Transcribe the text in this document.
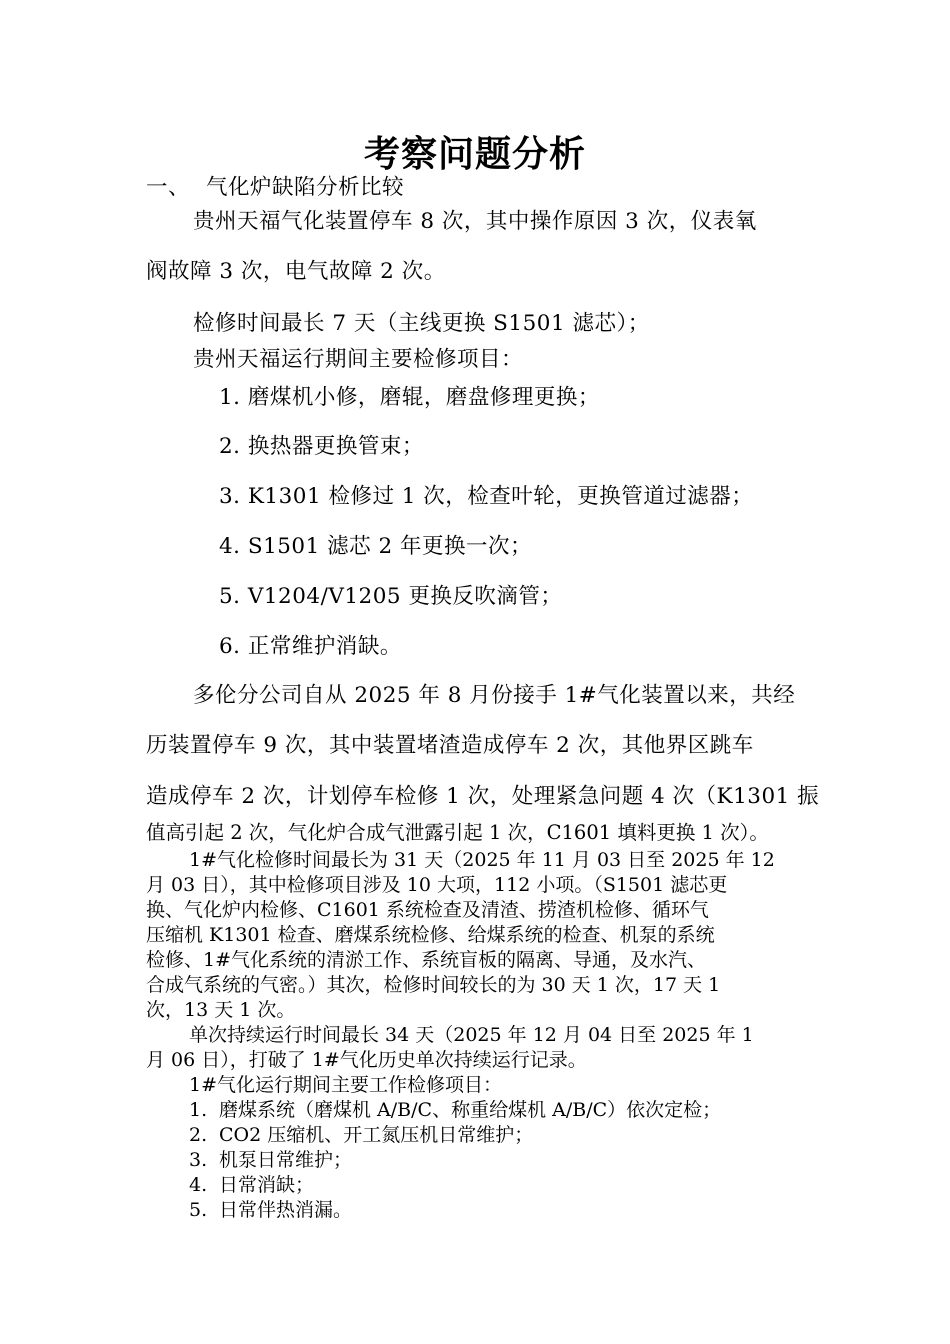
考察问题分析
一、 气化炉缺陷分析比较
贵州天福气化装置停车 8 次，其中操作原因 3 次，仪表氧
阀故障 3 次，电气故障 2 次。
检修时间最长 7 天（主线更换 S1501 滤芯）；
贵州天福运行期间主要检修项目：
1. 磨煤机小修，磨辊，磨盘修理更换；
2. 换热器更换管束；
3. K1301 检修过 1 次，检查叶轮，更换管道过滤器；
4. S1501 滤芯 2 年更换一次；
5. V1204/V1205 更换反吹滴管；
6. 正常维护消缺。
多伦分公司自从 2025 年 8 月份接手 1#气化装置以来，共经
历装置停车 9 次，其中装置堵渣造成停车 2 次，其他界区跳车
造成停车 2 次，计划停车检修 1 次，处理紧急问题 4 次（K1301 振
值高引起 2 次，气化炉合成气泄露引起 1 次，C1601 填料更换 1 次）。
1#气化检修时间最长为 31 天（2025 年 11 月 03 日至 2025 年 12
月 03 日），其中检修项目涉及 10 大项，112 小项。（S1501 滤芯更
换、气化炉内检修、C1601 系统检查及清渣、捞渣机检修、循环气
压缩机 K1301 检查、磨煤系统检修、给煤系统的检查、机泵的系统
检修、1#气化系统的清淤工作、系统盲板的隔离、导通，及水汽、
合成气系统的气密。）其次，检修时间较长的为 30 天 1 次，17 天 1
次，13 天 1 次。
单次持续运行时间最长 34 天（2025 年 12 月 04 日至 2025 年 1
月 06 日），打破了 1#气化历史单次持续运行记录。
1#气化运行期间主要工作检修项目：
1. 磨煤系统（磨煤机 A/B/C、称重给煤机 A/B/C）依次定检；
2. CO2 压缩机、开工氮压机日常维护；
3. 机泵日常维护；
4. 日常消缺；
5. 日常伴热消漏。
